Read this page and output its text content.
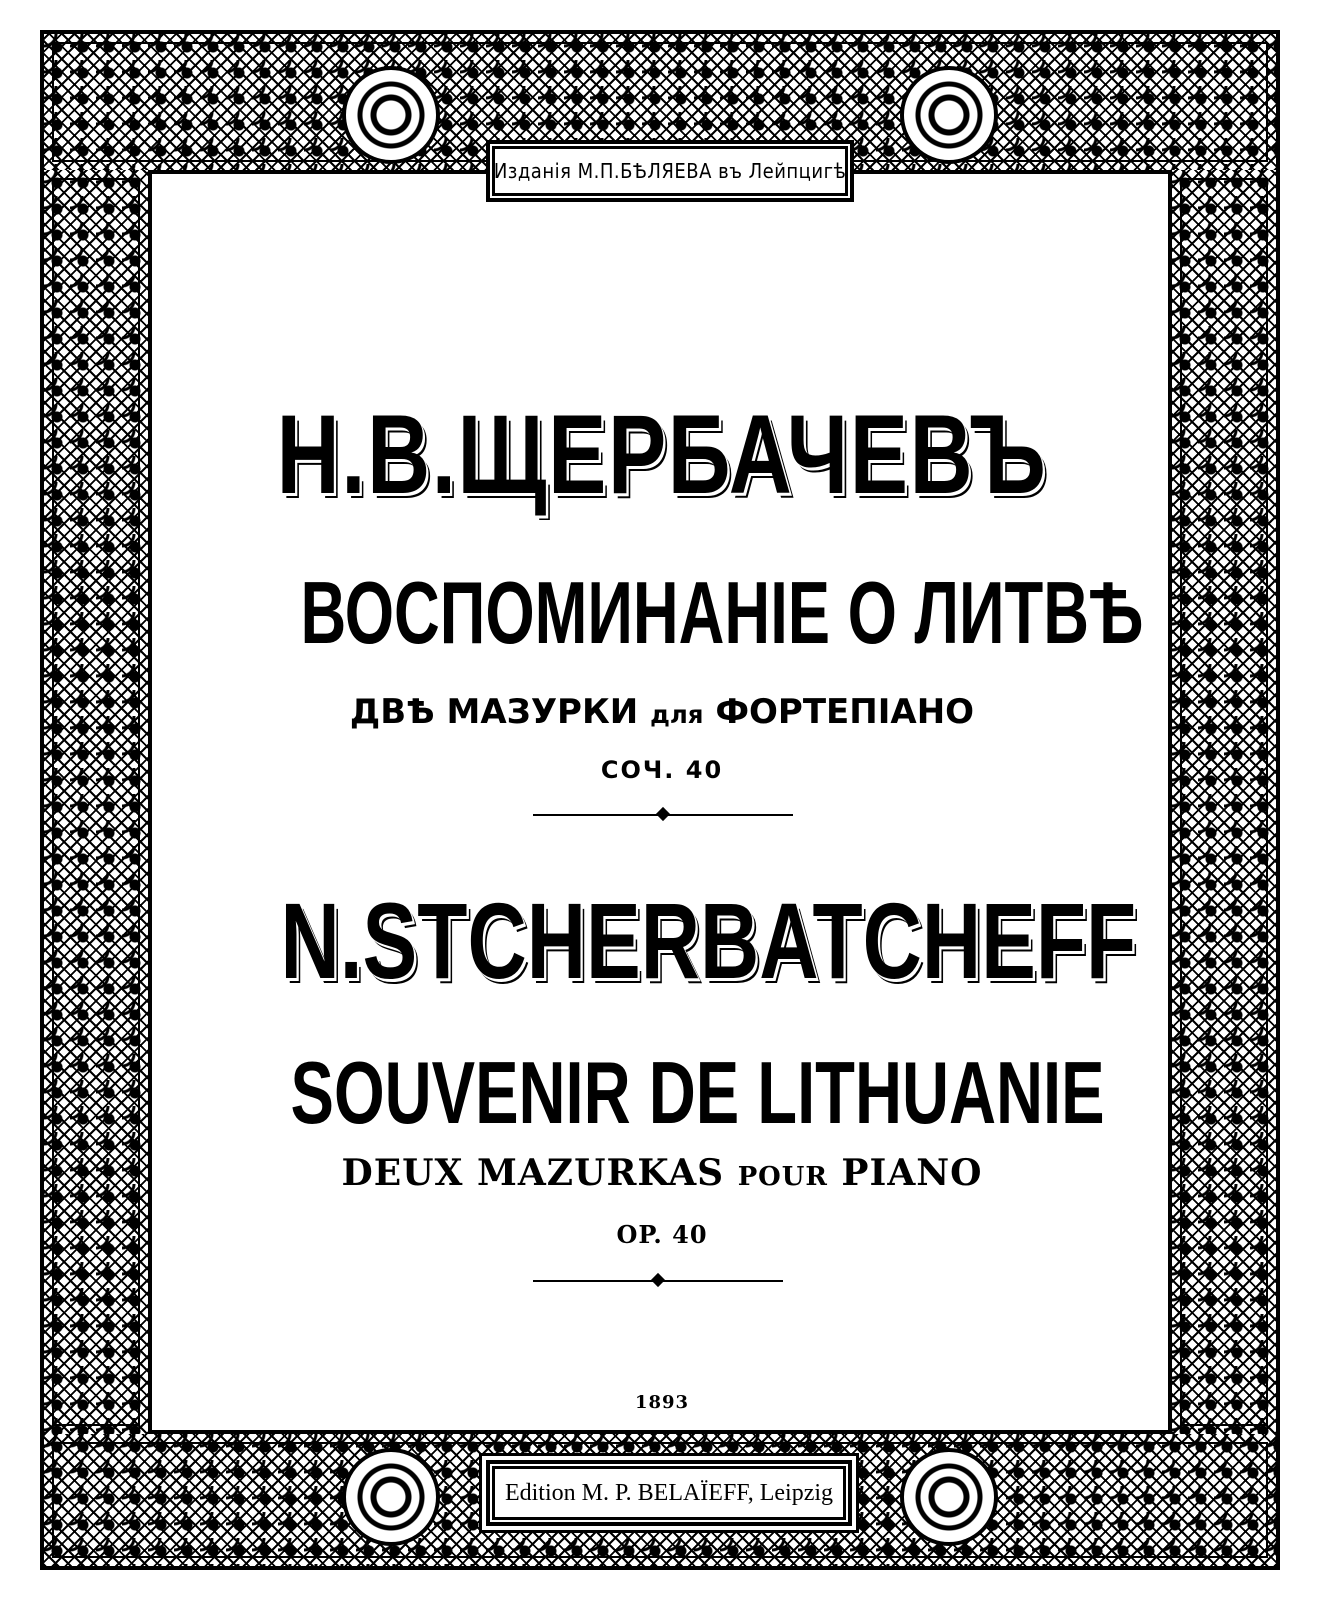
Изданія М.П.БѢЛЯЕВА въ Лейпцигѣ
Edition M. P. BELAÏEFF, Leipzig
Н.В.ЩЕРБАЧЕВЪ
ВОСПОМИНАНІЕ О ЛИТВѢ
ДВѢ МАЗУРКИ для ФОРТЕПІАНО
СОЧ. 40
N.STCHERBATCHEFF
SOUVENIR DE LITHUANIE
DEUX MAZURKAS POUR PIANO
OP. 40
1893
